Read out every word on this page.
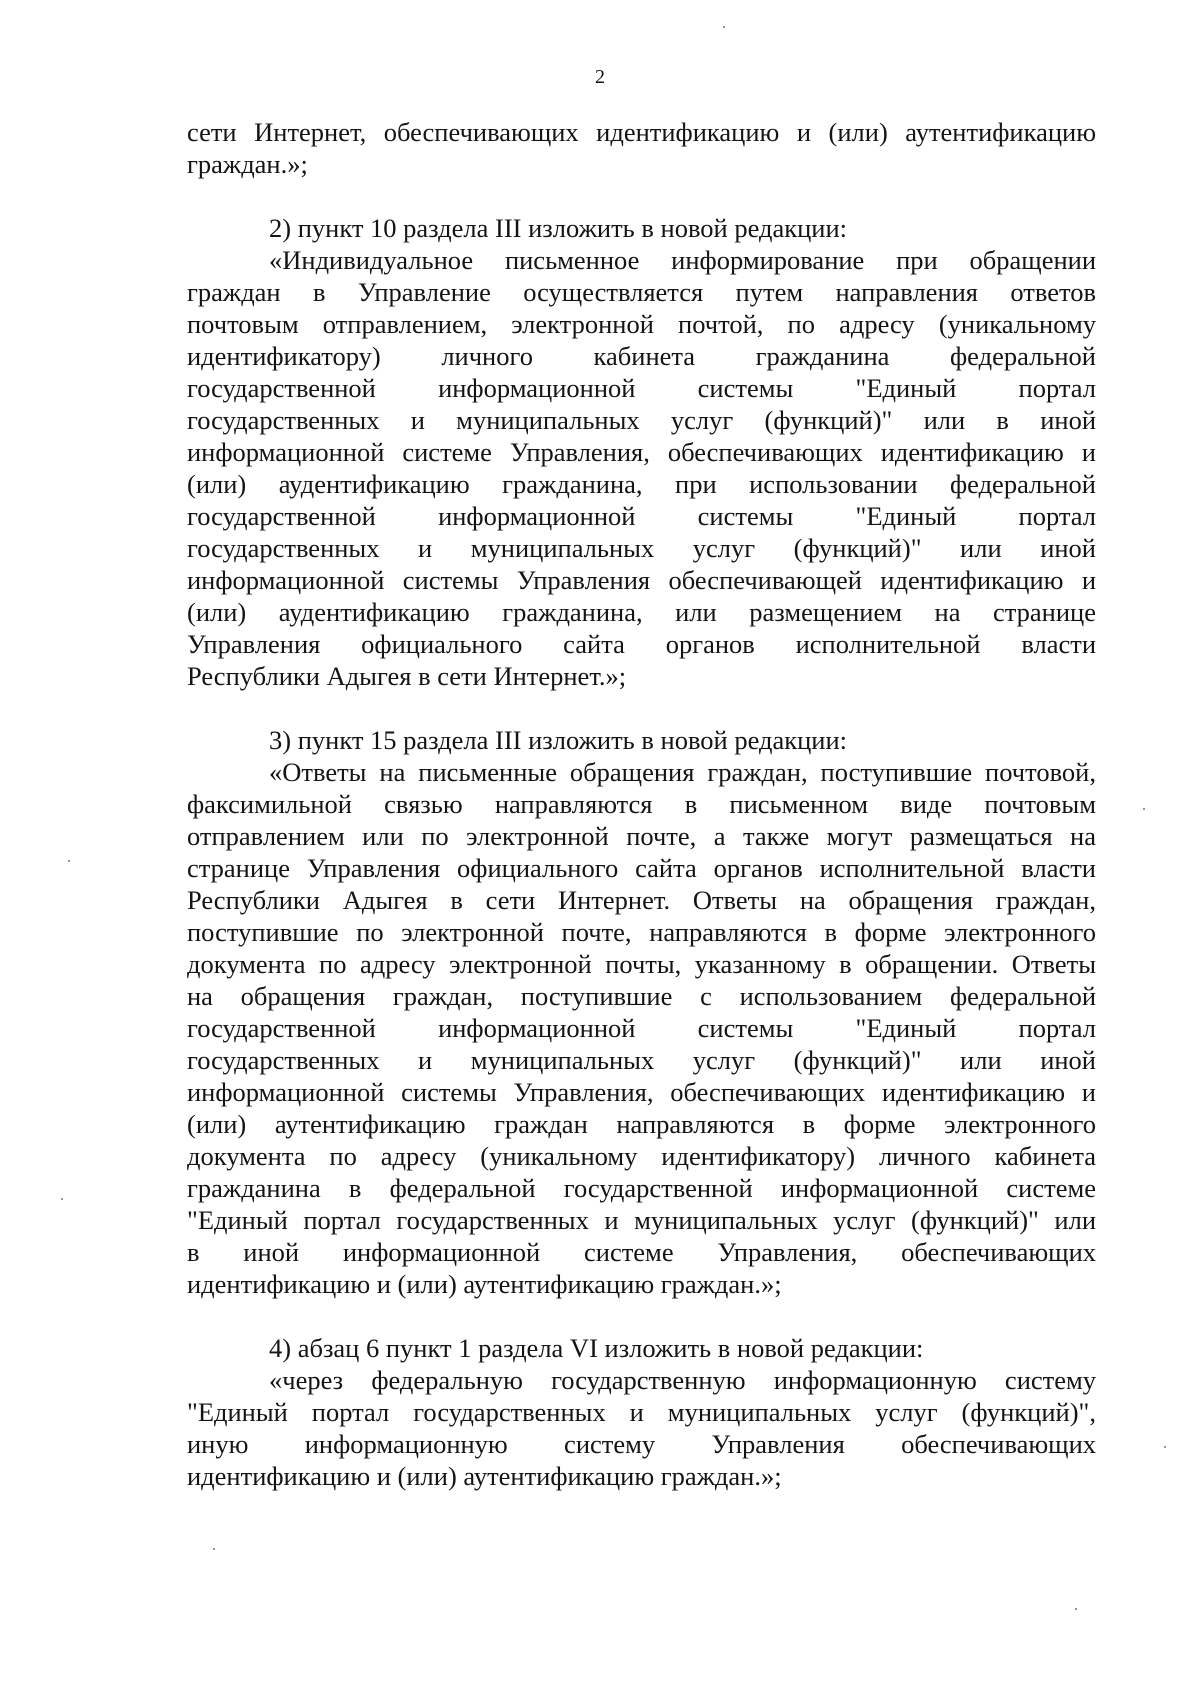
2
сети Интернет, обеспечивающих идентификацию и (или) аутентификацию
граждан.»;
2) пункт 10 раздела III изложить в новой редакции:
«Индивидуальное письменное информирование при обращении
граждан в Управление осуществляется путем направления ответов
почтовым отправлением, электронной почтой, по адресу (уникальному
идентификатору) личного кабинета гражданина федеральной
государственной информационной системы "Единый портал
государственных и муниципальных услуг (функций)" или в иной
информационной системе Управления, обеспечивающих идентификацию и
(или) аудентификацию гражданина, при использовании федеральной
государственной информационной системы "Единый портал
государственных и муниципальных услуг (функций)" или иной
информационной системы Управления обеспечивающей идентификацию и
(или) аудентификацию гражданина, или размещением на странице
Управления официального сайта органов исполнительной власти
Республики Адыгея в сети Интернет.»;
3) пункт 15 раздела III изложить в новой редакции:
«Ответы на письменные обращения граждан, поступившие почтовой,
факсимильной связью направляются в письменном виде почтовым
отправлением или по электронной почте, а также могут размещаться на
странице Управления официального сайта органов исполнительной власти
Республики Адыгея в сети Интернет. Ответы на обращения граждан,
поступившие по электронной почте, направляются в форме электронного
документа по адресу электронной почты, указанному в обращении. Ответы
на обращения граждан, поступившие с использованием федеральной
государственной информационной системы "Единый портал
государственных и муниципальных услуг (функций)" или иной
информационной системы Управления, обеспечивающих идентификацию и
(или) аутентификацию граждан направляются в форме электронного
документа по адресу (уникальному идентификатору) личного кабинета
гражданина в федеральной государственной информационной системе
"Единый портал государственных и муниципальных услуг (функций)" или
в иной информационной системе Управления, обеспечивающих
идентификацию и (или) аутентификацию граждан.»;
4) абзац 6 пункт 1 раздела VI изложить в новой редакции:
«через федеральную государственную информационную систему
"Единый портал государственных и муниципальных услуг (функций)",
иную информационную систему Управления обеспечивающих
идентификацию и (или) аутентификацию граждан.»;
